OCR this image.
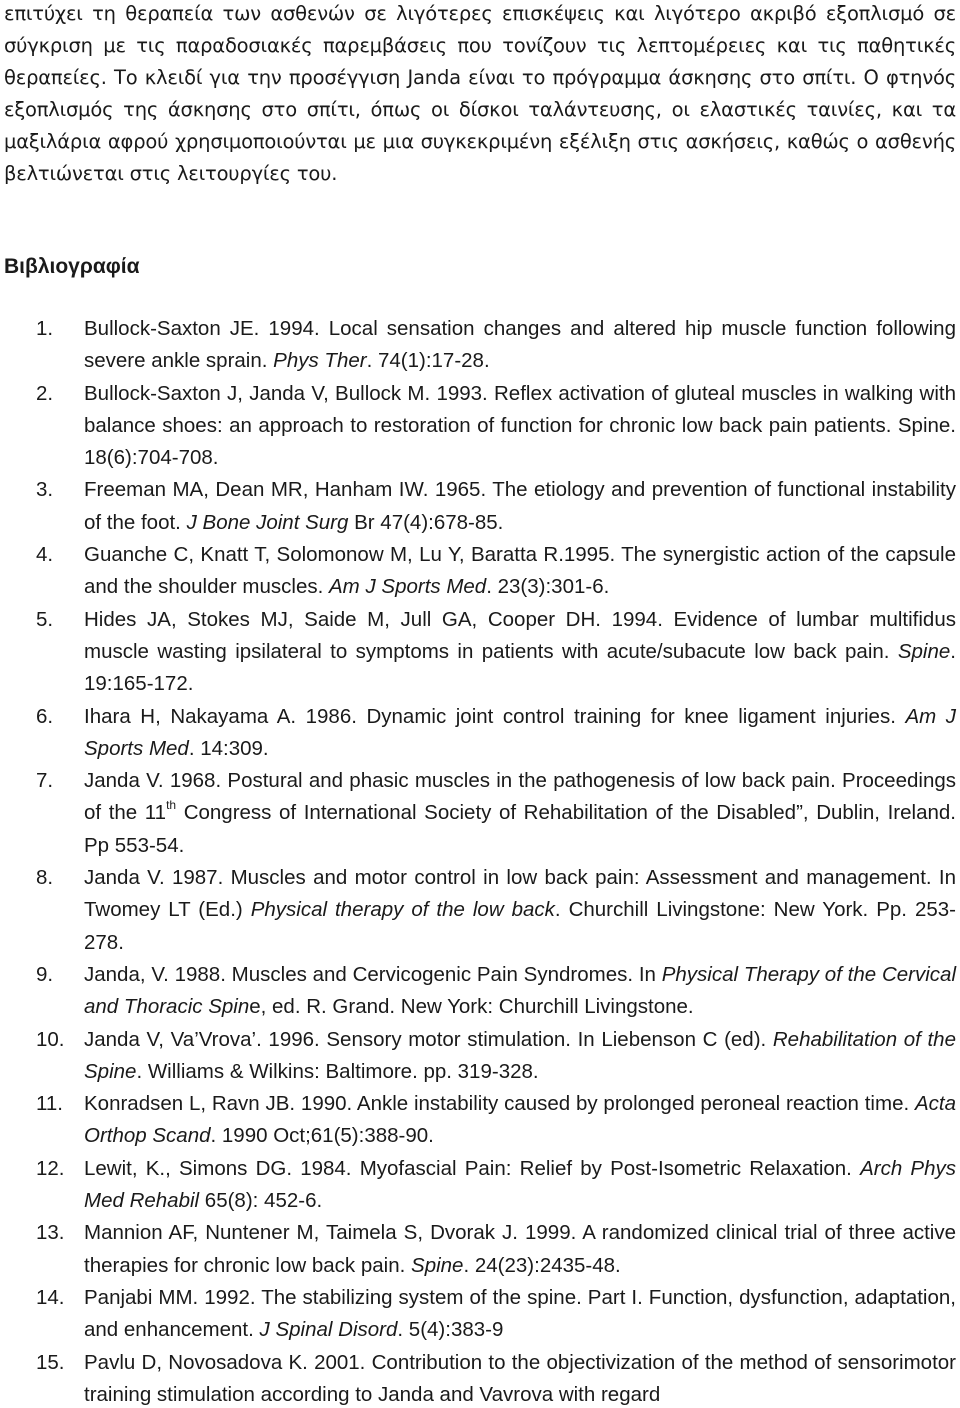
επιτύχει τη θεραπεία των ασθενών σε λιγότερες επισκέψεις και λιγότερο ακριβό εξοπλισμό σε σύγκριση με τις παραδοσιακές παρεμβάσεις που τονίζουν τις λεπτομέρειες και τις παθητικές θεραπείες. Το κλειδί για την προσέγγιση Janda είναι το πρόγραμμα άσκησης στο σπίτι. Ο φτηνός εξοπλισμός της άσκησης στο σπίτι, όπως οι δίσκοι ταλάντευσης, οι ελαστικές ταινίες, και τα μαξιλάρια αφρού χρησιμοποιούνται με μια συγκεκριμένη εξέλιξη στις ασκήσεις, καθώς ο ασθενής βελτιώνεται στις λειτουργίες του.

Βιβλιογραφία
1. Bullock-Saxton JE. 1994. Local sensation changes and altered hip muscle function following severe ankle sprain. Phys Ther. 74(1):17-28.
2. Bullock-Saxton J, Janda V, Bullock M. 1993. Reflex activation of gluteal muscles in walking with balance shoes: an approach to restoration of function for chronic low back pain patients. Spine. 18(6):704-708.
3. Freeman MA, Dean MR, Hanham IW. 1965. The etiology and prevention of functional instability of the foot. J Bone Joint Surg Br 47(4):678-85.
4. Guanche C, Knatt T, Solomonow M, Lu Y, Baratta R.1995. The synergistic action of the capsule and the shoulder muscles. Am J Sports Med. 23(3):301-6.
5. Hides JA, Stokes MJ, Saide M, Jull GA, Cooper DH. 1994. Evidence of lumbar multifidus muscle wasting ipsilateral to symptoms in patients with acute/subacute low back pain. Spine. 19:165-172.
6. Ihara H, Nakayama A. 1986. Dynamic joint control training for knee ligament injuries. Am J Sports Med. 14:309.
7. Janda V. 1968. Postural and phasic muscles in the pathogenesis of low back pain. Proceedings of the 11th Congress of International Society of Rehabilitation of the Disabled”, Dublin, Ireland. Pp 553-54.
8. Janda V. 1987. Muscles and motor control in low back pain: Assessment and management. In Twomey LT (Ed.) Physical therapy of the low back. Churchill Livingstone: New York. Pp. 253-278.
9. Janda, V. 1988. Muscles and Cervicogenic Pain Syndromes. In Physical Therapy of the Cervical and Thoracic Spine, ed. R. Grand. New York: Churchill Livingstone.
10. Janda V, Va’Vrova’. 1996. Sensory motor stimulation. In Liebenson C (ed). Rehabilitation of the Spine. Williams & Wilkins: Baltimore. pp. 319-328.
11. Konradsen L, Ravn JB. 1990. Ankle instability caused by prolonged peroneal reaction time. Acta Orthop Scand. 1990 Oct;61(5):388-90.
12. Lewit, K., Simons DG. 1984. Myofascial Pain: Relief by Post-Isometric Relaxation. Arch Phys Med Rehabil 65(8): 452-6.
13. Mannion AF, Nuntener M, Taimela S, Dvorak J. 1999. A randomized clinical trial of three active therapies for chronic low back pain. Spine. 24(23):2435-48.
14. Panjabi MM. 1992. The stabilizing system of the spine. Part I. Function, dysfunction, adaptation, and enhancement. J Spinal Disord. 5(4):383-9
15. Pavlu D, Novosadova K. 2001. Contribution to the objectivization of the method of sensorimotor training stimulation according to Janda and Vavrova with regard
